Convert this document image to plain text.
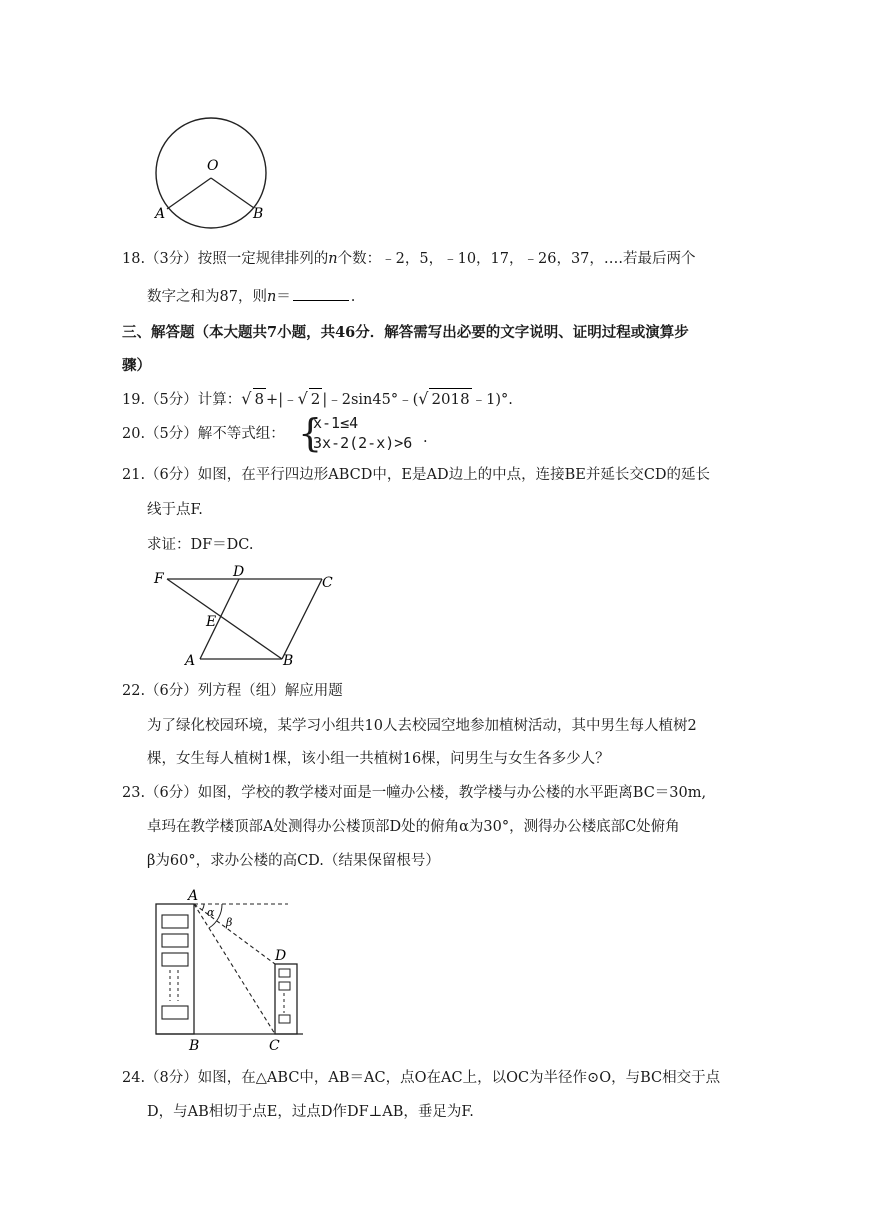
O
A	B
18.（3分）按照一定规律排列的n个数：﹣2，5，﹣10，17，﹣26，37，….若最后两个
数字之和为87，则n＝	.
三、解答题（本大题共7小题，共46分．解答需写出必要的文字说明、证明过程或演算步
骤）
19.（5分）计算：√ 8 +|﹣√ 2 |﹣2sin45°﹣(√ 2018 ﹣1)°.
20.（5分）解不等式组： {
x-1≤4
3x-2(2-x)>6 .
21.（6分）如图，在平行四边形ABCD中，E是AD边上的中点，连接BE并延长交CD的延长
线于点F.
求证：DF＝DC.
F	D
C
E
A	B
22.（6分）列方程（组）解应用题
为了绿化校园环境，某学习小组共10人去校园空地参加植树活动，其中男生每人植树2
棵，女生每人植树1棵，该小组一共植树16棵，问男生与女生各多少人？
23.（6分）如图，学校的教学楼对面是一幢办公楼，教学楼与办公楼的水平距离BC＝30m,
卓玛在教学楼顶部A处测得办公楼顶部D处的俯角α为30°，测得办公楼底部C处俯角
β为60°，求办公楼的高CD.（结果保留根号）
A
α
β
D
B	C
24.（8分）如图，在△ABC中，AB＝AC，点O在AC上，以OC为半径作⊙O，与BC相交于点
D，与AB相切于点E，过点D作DF⊥AB，垂足为F.
